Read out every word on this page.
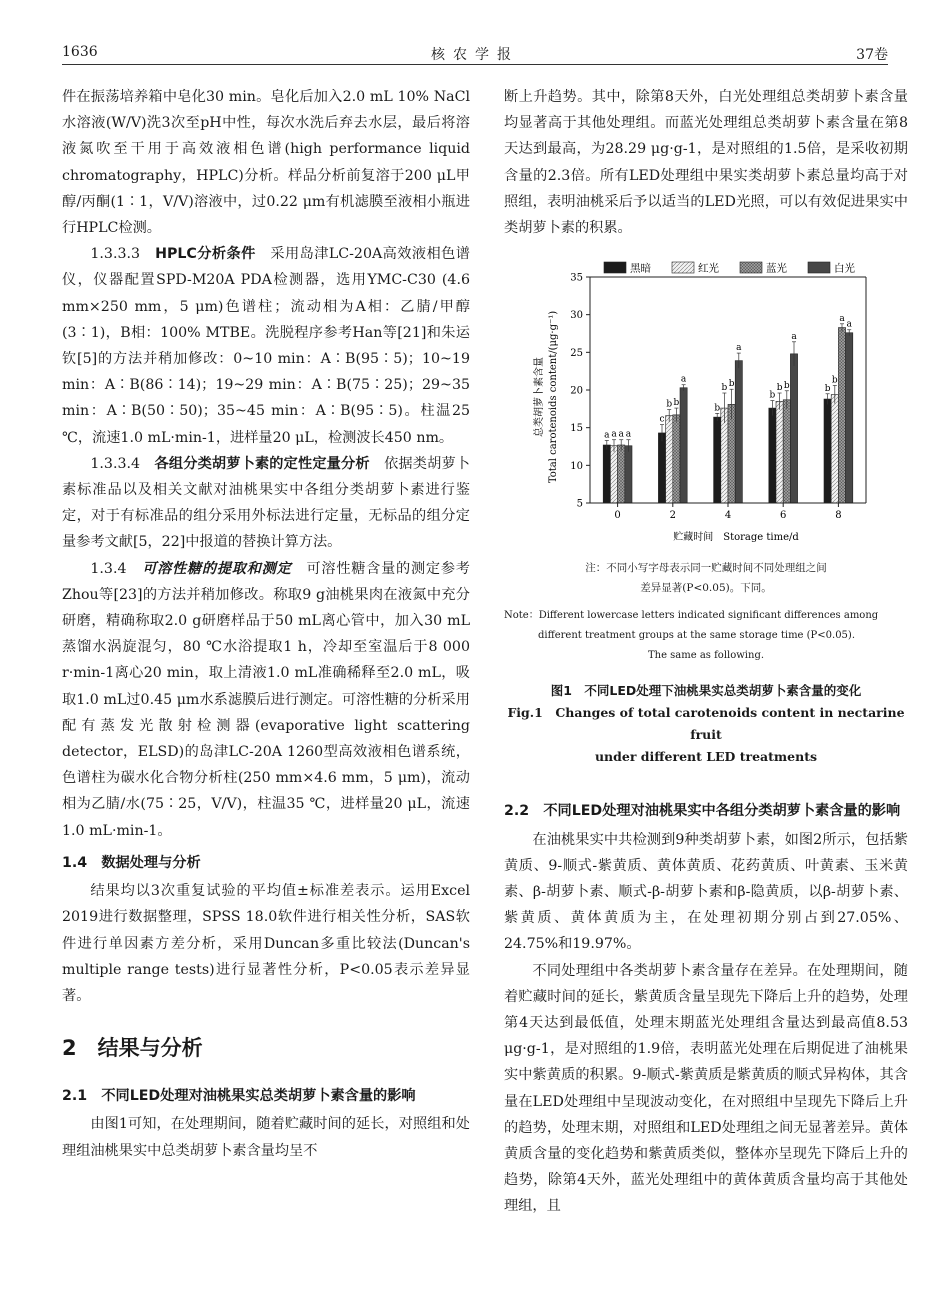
1636	核农学报	37卷

件在振荡培养箱中皂化30 min。皂化后加入2.0 mL 10% NaCl水溶液(W/V)洗3次至pH中性，每次水洗后弃去水层，最后将溶液氮吹至干用于高效液相色谱(high performance liquid chromatography，HPLC)分析。样品分析前复溶于200 μL甲醇/丙酮(1∶1，V/V)溶液中，过0.22 μm有机滤膜至液相小瓶进行HPLC检测。

1.3.3.3　 HPLC分析条件　 采用岛津LC-20A高效液相色谱仪，仪器配置SPD-M20A PDA检测器，选用YMC-C30 (4.6 mm×250 mm，5 μm)色谱柱；流动相为A相：乙腈/甲醇(3∶1)，B相：100% MTBE。洗脱程序参考Han等[21]和朱运钦[5]的方法并稍加修改：0~10 min：A∶B(95∶5)；10~19 min：A∶B(86∶14)；19~29 min：A∶B(75∶25)；29~35 min：A∶B(50∶50)；35~45 min：A∶B(95∶5)。柱温25 ℃，流速1.0 mL·min-1，进样量20 μL，检测波长450 nm。

1.3.3.4　 各组分类胡萝卜素的定性定量分析　 依据类胡萝卜素标准品以及相关文献对油桃果实中各组分类胡萝卜素进行鉴定，对于有标准品的组分采用外标法进行定量，无标品的组分定量参考文献[5，22]中报道的替换计算方法。

1.3.4　 可溶性糖的提取和测定　 可溶性糖含量的测定参考Zhou等[23]的方法并稍加修改。称取9 g油桃果肉在液氮中充分研磨，精确称取2.0 g研磨样品于50 mL离心管中，加入30 mL蒸馏水涡旋混匀，80 ℃水浴提取1 h，冷却至室温后于8 000 r·min-1离心20 min，取上清液1.0 mL准确稀释至2.0 mL，吸取1.0 mL过0.45 μm水系滤膜后进行测定。可溶性糖的分析采用配有蒸发光散射检测器(evaporative light scattering detector，ELSD)的岛津LC-20A 1260型高效液相色谱系统，色谱柱为碳水化合物分析柱(250 mm×4.6 mm，5 μm)，流动相为乙腈/水(75∶25，V/V)，柱温35 ℃，进样量20 μL，流速1.0 mL·min-1。

1.4　数据处理与分析

结果均以3次重复试验的平均值±标准差表示。运用Excel 2019进行数据整理，SPSS 18.0软件进行相关性分析，SAS软件进行单因素方差分析，采用Duncan多重比较法(Duncan's multiple range tests)进行显著性分析，P<0.05表示差异显著。

2　结果与分析
2.1　不同LED处理对油桃果实总类胡萝卜素含量的影响

由图1可知，在处理期间，随着贮藏时间的延长，对照组和处理组油桃果实中总类胡萝卜素含量均呈不

断上升趋势。其中，除第8天外，白光处理组总类胡萝卜素含量均显著高于其他处理组。而蓝光处理组总类胡萝卜素含量在第8天达到最高，为28.29 μg·g-1，是对照组的1.5倍，是采收初期含量的2.3倍。所有LED处理组中果实类胡萝卜素总量均高于对照组，表明油桃采后予以适当的LED光照，可以有效促进果实中类胡萝卜素的积累。

a a a a
c
b b
a
b
b b
a
b
b b
a
b
b
a
a
5
10
15
20
25
30
35
0	2	4	6	8
黑暗	红光	蓝光	白光
总类胡萝卜素含量 Total carotenoids content/(μg·g⁻¹)
贮藏时间　Storage time/d
注：不同小写字母表示同一贮藏时间不同处理组之间
差异显著(P<0.05)。下同。
Note：Different lowercase letters indicated significant differences among
different treatment groups at the same storage time (P<0.05).
The same as following.
图1　不同LED处理下油桃果实总类胡萝卜素含量的变化
Fig.1　Changes of total carotenoids content in nectarine fruit
under different LED treatments
2.2　不同LED处理对油桃果实中各组分类胡萝卜素含量的影响

在油桃果实中共检测到9种类胡萝卜素，如图2所示，包括紫黄质、9-顺式-紫黄质、黄体黄质、花药黄质、叶黄素、玉米黄素、β-胡萝卜素、顺式-β-胡萝卜素和β-隐黄质，以β-胡萝卜素、紫黄质、黄体黄质为主，在处理初期分别占到27.05%、24.75%和19.97%。

不同处理组中各类胡萝卜素含量存在差异。在处理期间，随着贮藏时间的延长，紫黄质含量呈现先下降后上升的趋势，处理第4天达到最低值，处理末期蓝光处理组含量达到最高值8.53 μg·g-1，是对照组的1.9倍，表明蓝光处理在后期促进了油桃果实中紫黄质的积累。9-顺式-紫黄质是紫黄质的顺式异构体，其含量在LED处理组中呈现波动变化，在对照组中呈现先下降后上升的趋势，处理末期，对照组和LED处理组之间无显著差异。黄体黄质含量的变化趋势和紫黄质类似，整体亦呈现先下降后上升的趋势，除第4天外，蓝光处理组中的黄体黄质含量均高于其他处理组，且
